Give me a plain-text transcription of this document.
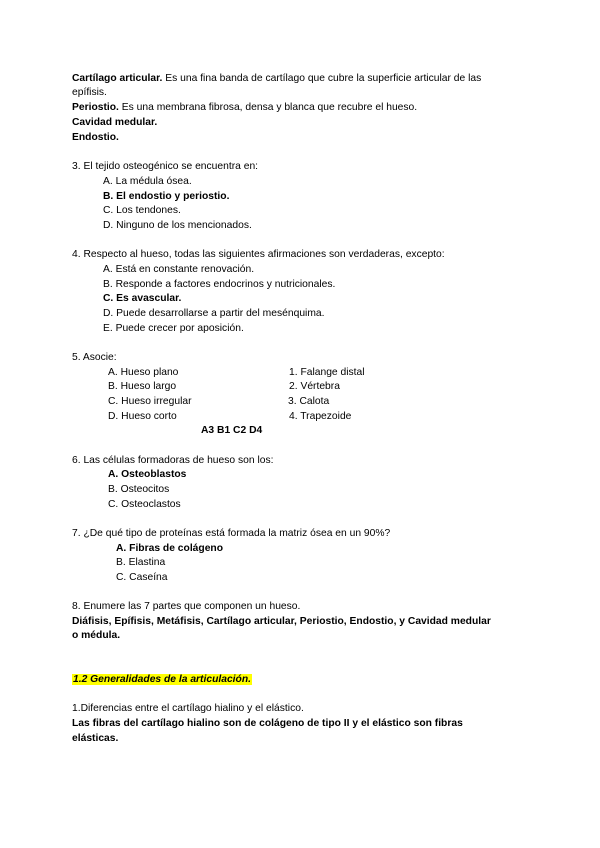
Cartílago articular. Es una fina banda de cartílago que cubre la superficie articular de las
epífisis.
Periostio. Es una membrana fibrosa, densa y blanca que recubre el hueso.
Cavidad medular.
Endostio.
3. El tejido osteogénico se encuentra en:
A. La médula ósea.
B. El endostio y periostio.
C. Los tendones.
D. Ninguno de los mencionados.
4. Respecto al hueso, todas las siguientes afirmaciones son verdaderas, excepto:
A. Está en constante renovación.
B. Responde a factores endocrinos y nutricionales.
C. Es avascular.
D. Puede desarrollarse a partir del mesénquima.
E. Puede crecer por aposición.
5. Asocie:
A. Hueso plano	1. Falange distal
B. Hueso largo	2. Vértebra
C. Hueso irregular	3. Calota
D. Hueso corto	4. Trapezoide
A3 B1 C2 D4
6. Las células formadoras de hueso son los:
A. Osteoblastos
B. Osteocitos
C. Osteoclastos
7. ¿De qué tipo de proteínas está formada la matriz ósea en un 90%?
A. Fibras de colágeno
B. Elastina
C. Caseína
8. Enumere las 7 partes que componen un hueso.
Diáfisis, Epífisis, Metáfisis, Cartílago articular, Periostio, Endostio, y Cavidad medular
o médula.
1.2 Generalidades de la articulación.
1.Diferencias entre el cartílago hialino y el elástico.
Las fibras del cartílago hialino son de colágeno de tipo II y el elástico son fibras
elásticas.
